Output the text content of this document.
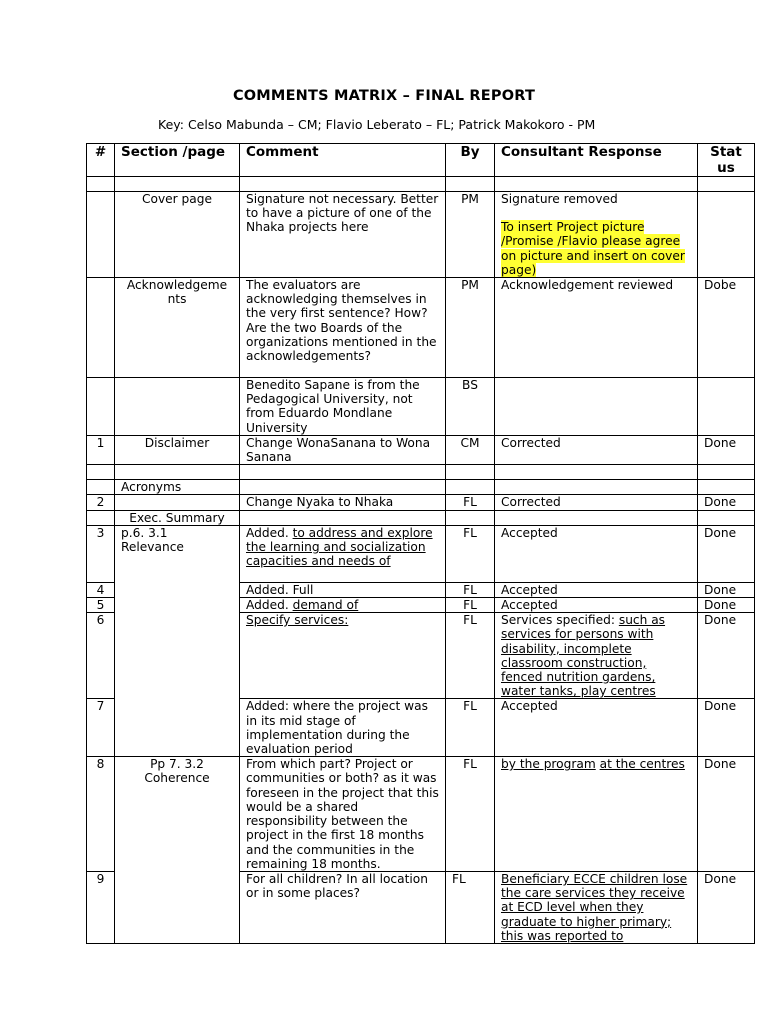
COMMENTS MATRIX – FINAL REPORT
Key: Celso Mabunda – CM; Flavio Leberato – FL; Patrick Makokoro - PM
#	Section /page	Comment	By	Consultant Response	Stat
us

	Cover page	Signature not necessary. Better to have a picture of one of the Nhaka projects here	PM	Signature removed
To insert Project picture /Promise /Flavio please agree on picture and insert on cover page)	

	Acknowledgeme
nts	The evaluators are acknowledging themselves in the very first sentence? How?
Are the two Boards of the organizations mentioned in the acknowledgements?	PM	Acknowledgement reviewed	Dobe
		Benedito Sapane is from the Pedagogical University, not from Eduardo Mondlane University	BS		
1	Disclaimer	Change WonaSanana to Wona Sanana	CM	Corrected	Done

	Acronyms				
2		Change Nyaka to Nhaka	FL	Corrected	Done
	Exec. Summary				
3	p.6. 3.1
Relevance	Added. to address and explore the learning and socialization capacities and needs of	FL	Accepted	Done
4		Added. Full	FL	Accepted	Done
5		Added. demand of	FL	Accepted	Done
6		Specify services:	FL	Services specified: such as services for persons with disability, incomplete classroom construction, fenced nutrition gardens, water tanks, play centres	Done
7		Added: where the project was in its mid stage of implementation during the evaluation period	FL	Accepted	Done
8	Pp 7. 3.2
Coherence	From which part? Project or communities or both? as it was foreseen in the project that this would be a shared responsibility between the project in the first 18 months and the communities in the remaining 18 months.	FL	by the program at the centres	Done
9		For all children? In all location or in some places?	FL	Beneficiary ECCE children lose the care services they receive at ECD level when they graduate to higher primary; this was reported to	Done
